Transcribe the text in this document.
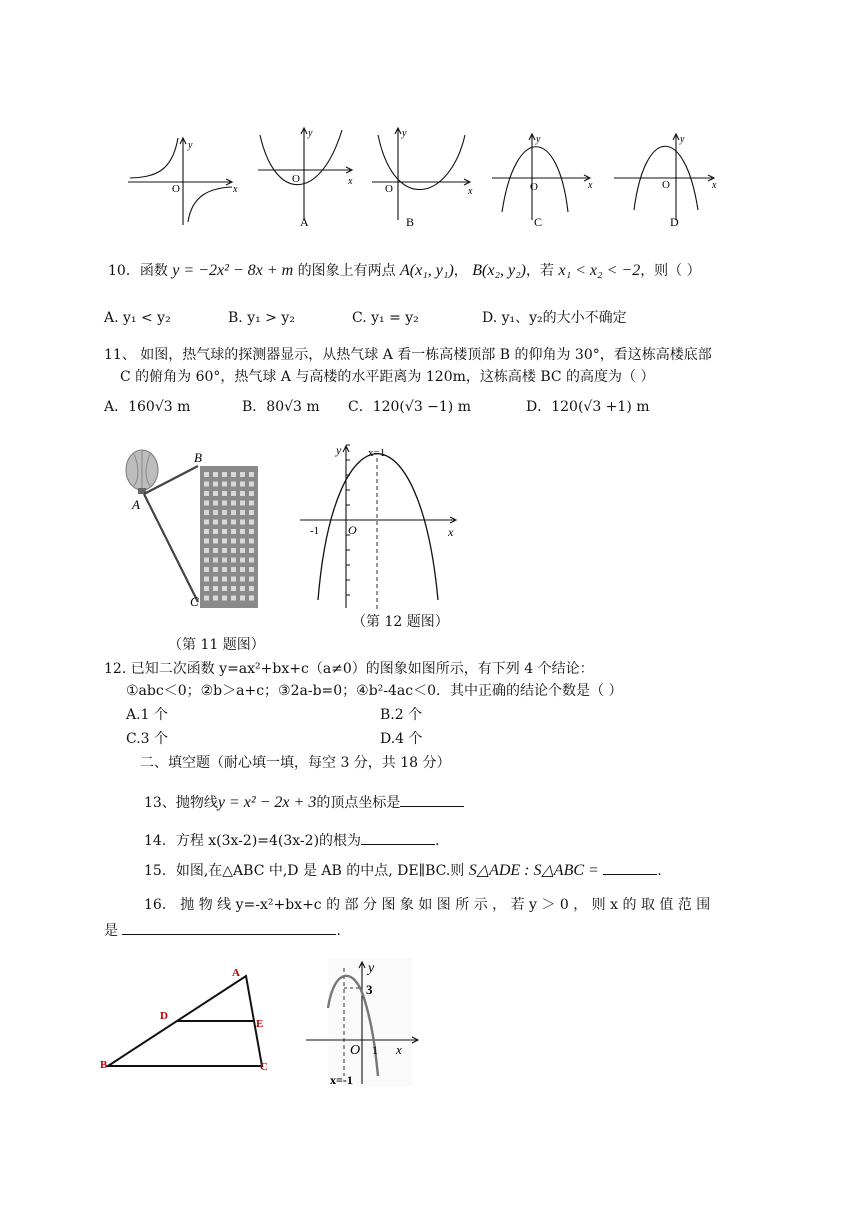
y
O	x
y
O	x
A
y
O	x
B
y
O	x
C
y
O	x
D
10．函数 y = −2x² − 8x + m 的图象上有两点 A(x₁, y₁)， B(x₂, y₂)，若 x₁ < x₂ < −2，则（ ）
A. y₁ < y₂	B. y₁ > y₂	C. y₁ = y₂	D. y₁、y₂的大小不确定
11、 如图，热气球的探测器显示，从热气球 A 看一栋高楼顶部 B 的仰角为 30°，看这栋高楼底部
C 的俯角为 60°，热气球 A 与高楼的水平距离为 120m，这栋高楼 BC 的高度为（ ）
A．160√3 m	B．80√3 m C．120(√3 −1) m	D．120(√3 +1) m
B
A
C
（第 11 题图）
y x=1
-1 O	x
（第 12 题图）
12. 已知二次函数 y=ax²+bx+c（a≠0）的图象如图所示，有下列 4 个结论：
①abc＜0；②b＞a+c；③2a-b=0；④b²-4ac＜0．其中正确的结论个数是（ ）
A.1 个	B.2 个
C.3 个	D.4 个
二、填空题（耐心填一填，每空 3 分，共 18 分）
13、抛物线y = x² − 2x + 3的顶点坐标是
14．方程 x(3x-2)=4(3x-2)的根为	.
15．如图,在△ABC 中,D 是 AB 的中点, DE∥BC.则 S△ADE : S△ABC =	.
16． 抛 物 线 y=-x²+bx+c 的 部 分 图 象 如 图 所 示 ， 若 y ＞ 0 ， 则 x 的 取 值 范 围
是	.
A
D
E
B	C
y
3
O 1 x
x=-1
